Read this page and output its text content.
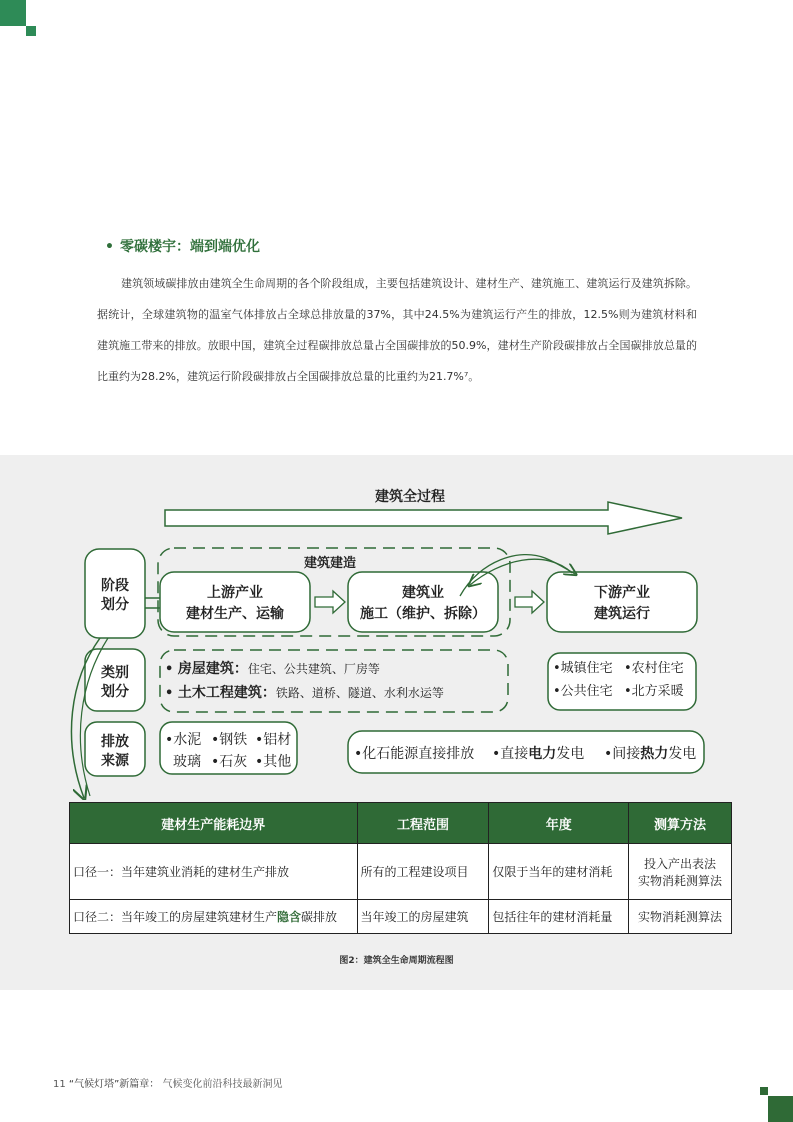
• 零碳楼宇：端到端优化

建筑领域碳排放由建筑全生命周期的各个阶段组成，主要包括建筑设计、建材生产、建筑施工、建筑运行及建筑拆除。据统计，全球建筑物的温室气体排放占全球总排放量的37%，其中24.5%为建筑运行产生的排放，12.5%则为建筑材料和建筑施工带来的排放。放眼中国，建筑全过程碳排放总量占全国碳排放的50.9%，建材生产阶段碳排放占全国碳排放总量的比重约为28.2%，建筑运行阶段碳排放占全国碳排放总量的比重约为21.7%⁷。

建筑全过程
建筑建造
阶段
划分
类别
划分
排放
来源
上游产业
建材生产、运输
建筑业
施工（维护、拆除）
下游产业
建筑运行
• 房屋建筑：住宅、公共建筑、厂房等
• 土木工程建筑：铁路、道桥、隧道、水利水运等
•城镇住宅 •农村住宅
•公共住宅 •北方采暖
•水泥 •钢铁 •铝材
玻璃 •石灰 •其他	•化石能源直接排放 •直接电力发电 •间接热力发电
建材生产能耗边界	工程范围	年度	测算方法
口径一：当年建筑业消耗的建材生产排放	所有的工程建设项目	仅限于当年的建材消耗	投入产出表法
实物消耗测算法

口径二：当年竣工的房屋建筑建材生产隐含碳排放	当年竣工的房屋建筑	包括往年的建材消耗量	实物消耗测算法
图2：建筑全生命周期流程图
11 “气候灯塔”新篇章： 气候变化前沿科技最新洞见
